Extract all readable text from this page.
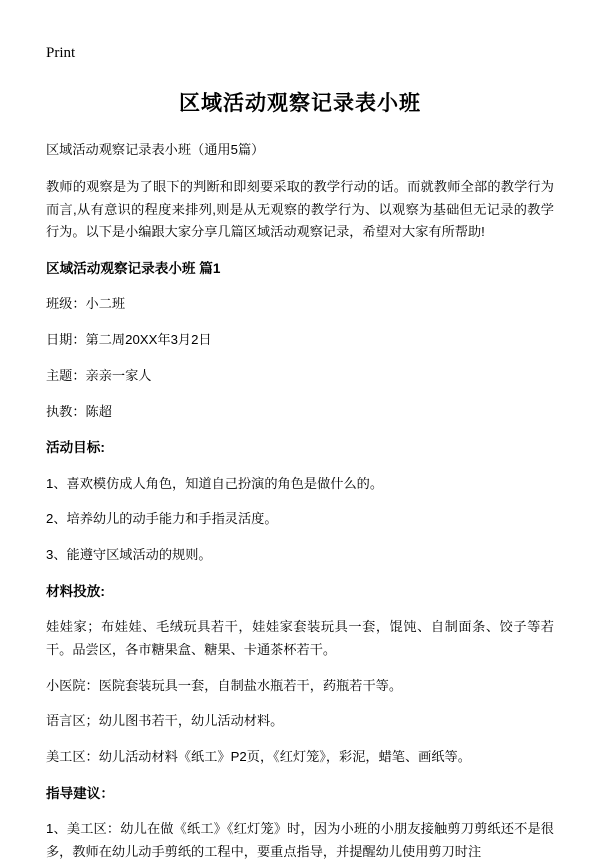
Print
区域活动观察记录表小班

区域活动观察记录表小班（通用5篇）

教师的观察是为了眼下的判断和即刻要采取的教学行动的话。而就教师全部的教学行为而言,从有意识的程度来排列,则是从无观察的教学行为、以观察为基础但无记录的教学行为。以下是小编跟大家分享几篇区域活动观察记录，希望对大家有所帮助!

区域活动观察记录表小班 篇1

班级：小二班

日期：第二周20XX年3月2日

主题：亲亲一家人

执教：陈超

活动目标:

1、喜欢模仿成人角色，知道自己扮演的角色是做什么的。

2、培养幼儿的动手能力和手指灵活度。

3、能遵守区域活动的规则。

材料投放:

娃娃家；布娃娃、毛绒玩具若干，娃娃家套装玩具一套，馄饨、自制面条、饺子等若干。品尝区，各市糖果盒、糖果、卡通茶杯若干。

小医院：医院套装玩具一套，自制盐水瓶若干，药瓶若干等。

语言区；幼儿图书若干，幼儿活动材料。

美工区：幼儿活动材料《纸工》P2页，《红灯笼》，彩泥，蜡笔、画纸等。

指导建议：

1、美工区：幼儿在做《纸工》《红灯笼》时，因为小班的小朋友接触剪刀剪纸还不是很多，教师在幼儿动手剪纸的工程中，要重点指导，并提醒幼儿使用剪刀时注
